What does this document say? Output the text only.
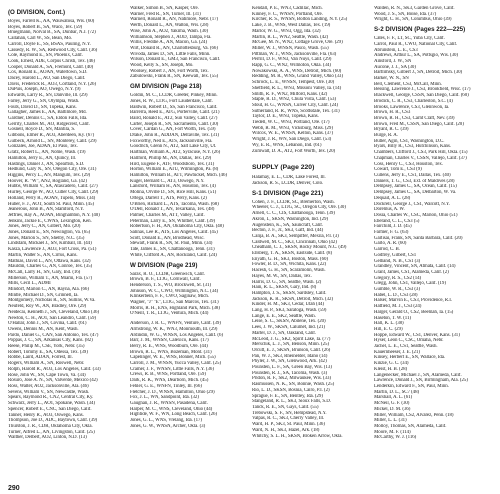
(O DIVISION, Cont.)
Boyes, Farrell K., AA, Wauwatosa, Wis. (60)
Boyes, Robert B., SA, Waco, Tex. (59)
Bruegmann, Norval B., SA, Dunbar, N.J. (72)
Callahan, Carl W., SS, Bean, Mo.
Carroll, Doyle E., SS, BSAS, Pauling, N.Y.
Cassedy, R. W., SA, Redwood City, Calif. (36)
Cole, Raymond E., SN, Phoenix, Calif.
Cook, Ernest, ADE, Corpus Christi, Tex. (46)
Cooper, Donald A., SA, Fremont, Calif. (40)
Cox, Ronald E., AOAN, Watertown, S.D.
Dacey, Harold L., AO, San Diego, Calif.
Davis, Frederick R., AO3, Cortland, N.Y. (26)
DuPuis, Joseph, AO, Owego, N.Y. (9)
Edwards, Larry R., SN, Danville, Ill. (29)
Farley, Jerry G., SN, Olympia, Wash.
Fouts, David D., SN, Topeka, Kans.
Gallagher, James E., AA, Baltimore, Md.
Gardner, Dennis C., SA, Eldon Falls, Ida.
Gerrity, Charles M., AO, Ridgecrest, Calif.
Gosnell, Royce D., SN, Mantila, S.
Gibbons, Elmer R., AO3, Aberdeen, Ky. (67)
Gulbeck, Arnold L., SN, Monterey, Calif. (29)
Gonzales, Joe, ADAN, El Paso, Tex.
Gratz, Robert L., AN, Nome, Wash. (19)
Hamilton, Jerry E., AN, Quincy, Ill.
Hastings, Daniel J., AN, Spearfish, S.D.
Hedlund, Gary N., SN, Oregon City, Ore. (31)
Higgins, Percy L., AN, Mangum, Tex. (29)
Hoover, R. "W", AN2, Rogland, Ga. (42)
Hubbs, William V., SA, Atascadero, Calif. (27)
Hurley, George W., AO, Cutler City, Calif. (29)
Holland, Perry R., AOAN, Tupelo, Miss. (34)
Huber, F. J., AOT, South St. Paul, Minn. (45)
Jeanerous, John B., AN, Stamford, N.Y.
Jeffries, Ray A., AOAN, Binghamton, N.Y. (40)
Jenkins, Jackie E., CWNS, Lexington, Ken.
Jones, Jerry C., AN, Gilbert, Mo. (20)
Jones, Donald E., SN, Newington, Va. (65)
Jones, Marion S., SN, Shelby, N.C. (35)
Lindstam, Mickael J., SN, Kimball, Ill. (44)
Kasza, Lawrence J., AO3, Fort Cross, Pa. (51)
Martin, Walter S., AN, Cirrus, Kans.
Mathias, David L., AN, Ottawa, Kans. (32)
Mauldin, Charles G., AN, Conroe, Tex. (35)
McCall, Larry H., SN, Gary, Ind. (16)
Millerson, William T., AN, Miami, Fla. (57)
Mills, Cecil L., ADMI
Mindorf, Marion C., AN, Rayna, Ala. (66)
Mintle, Michael D., SN, Grinnell, Ia.
Montgomery, Nicholas R., SN, Sullins, W.Va.
Neufeld, Roy W., AN, Bradley, Ore. (29)
Neidecai, Kenneth J., SN, Cleveland, Ohio (36)
Newton, C. H., AO1, San Leandro, Calif. (59)
O'Hallar, John J., SN, Covina, Calif. (61)
Owens, Dennis M., AN, Kent, Wash.
Pardo, Daniel G., CAN, San Antonio, Tex. (47)
Poppas, J. C., SN, Arkansas City, Kans. (82)
Reese, Philip M., CSE, York, Nebr. (35)
Robert, Tommy E., SA, Odessa, Tex. (39)
Robbe, Laird, ADAN, Forrest, Ill.
Rogers, William A., SN, Roswell, Nebr.
Rolph, Harold R., AO3, Los Angeles, Calif. (33)
Rose, John W., SN, Cape Town, Va. (34)
Rosuro, Jose A. N., SN, Valverde, Mexico (42)
Ross, Walter, AO2, Jacksonville, Ala. (46)
Sevens, William V., SN, Newcastle, Wash.
Spears, Raymond R., CN2, Central City, Ky.
Schwarz, Jerry L., AO1, Spokane, Wash. (34)
Spencer, Robert E., CNC, San Diego, Calif.
Tanner, Henry R., AO3, Oswego, Kans.
Thompson, Joe D., ADC, Baytown, Calif. (39)
Thurston, J. R., CDR, Oklahoma City, Okla.
Turner, Alfred L., AN, Livingston, Calif. (25)
Walther, Delbert, AO2, Linton, N.D. (13)
Walker, Simon B., SN, Kasper, Ore.
Warner, Fred R., SN, Turner, Ill. (31)
Warnell, Ronald R., AN, Natimore, Nebr. (17)
Werth, Donald L., AN, Walton, Wis. (28)
Wise, John A., AO2, Yakima, Wash. (30)
Williamson, Stephen J., AOD, Tampa, Fla.
Willis, Freddie A., AN, Macon, Ga. (24)
Wirt, Donald R., AN, Charlottesburg, Va. (66)
Wivoda, James D., SN, Little Falls, Minn.
Wilson, Donald E., GM3, San Francisco, Calif.
Wood, Kelly S., SN, Joseph, Mo.
Woolsey, Robert J., AN, Fort Worth, Tex.
Zabulowski, Frank R., SN, Keewall, Tex. (55)
GM DIVISION (Page 218)
Goldin, M. C., LCDR, Greeter, Pinkey, Minn.
Jones, R. W., LTJG, Fort Lauderdale, Calif.
Baldwin, Robert D., SS, San Francisco, Calif.
Barrerra, Reed E., ATG, Porterville, Calif. (21)
Baird, Ronald E., AT2, Sun Valley, Calif. (27)
Carter, Joseph R., SN, Sacramento, Calif. (30)
Cover, Cardan G., AN, Fort Worth, Tex. (59)
Drake, John R., ADDAN, Deltaville, Tex. (31)
Foxworthy, Ned E., ATS, Jacksonville, Fla.
Goodrich, Glenn N., AT2, Salt Lake City, Ut.
Hartman, William A., AT2, Syracuse, N.Y. (26)
Hallford, Phillip M., AN, Dallas, Tex. (29)
Hird, Eugene F., ATF, Woodsboro, Tex. (31)
Horton, William E., ATU, Wilmington, Pa. (8)
Hamilton, William B., ATT, Pawtucket, Mich. (46)
Kugel, Bernard C., AT3, Oswego, N.Y.
Lansford, William H., AN, Houston, Tex. (4)
Molina, Orville D., SN, Rice Hill, Kans. (51)
Ortega, Darrell T., ATS, Perry, Kans. (2)
O'Brien, Richard L., ATS, Tacoma, Wash. (68)
O'Dell, Ronald T., AN, Texarkana, Tex. (48)
Palmer, Charles M., ATT, Valley, Calif.
Peterman, Larry E., SN, Whittier, Calif. (39)
Robertson, F. H., AN, Oklahoma City, Okla. (48)
Salinas, Lee R., ATS, Los Angeles, Calif. (45)
Scott, Donald E., AN, Brodhead, Wisc.
Stewart, Frank R., SN, St. Paul, Minn. (34)
Tate, James E., SN, Chattanooga, Tenn. (31)
White, Clifford A., AN, Rockland, Calif. (24)
W DIVISION (Page 219)
Sarax, R. O., LCDR, Greenwich, Calif.
Brown, B. F., LTJG, Cornwall, Calif.
Henderson, T. S., WO, Brockwell, St. (31)
Johnson, W. C., CWO, Wilmington, N.C. (34)
Klinkerbein, F. F., CWO, Saginaw, Mich.
Wagner, "J" "E", LTJG, San Marcos, Tex. (31)
Morris, R. H., ENS, Highland Park, Mich. (38)
O'Neill, T. R., LTJG, Ventura, Mich. (44)
Anderson, J. R. C., WNFN, Venture, Calif. (39)
Armstrong, W. K., WN3, Monmouth, Ill. (29)
Ardindin, W. G., WNSN, Los Angeles, Calif. (6)
Barr, J. M., WNSN, Calexico, Kans. (17)
Berry, R. E., WNS, Woodburn, Ore. (44)
Brown, R. L., WNS, Bozeman, Mont. (31)
Capelinger, W. E., WNS, Bonner, Mich. (55)
Carroll, J. M., WNSN, Yucca Valley, Calif. (25)
Cramer, J. F., WNSN, Little Falls, N.Y. (36)
Crews, R. B., WNS, Portland, Ore. (59)
Dark, R. K., WNS, Dearborn, Mich. (45)
Fehler, G. E., WNFN, Tinley, Ill. (66)
Fletcher, J. D., WNSN, Hamilton, Ohio (29)
Fox, J. L., WN, Sandpoint, Ida. (32)
Gaughan, J. R., WNSN, Pasadena, Calif.
Harper, M. C., WNS, Cleveland, Ohio (44)
Hightide, W. F., WN, Long Beach, Calif. (26)
Jones, G. L., WNS, Vrelang, Ida. (17)
Jones, G. W., WNSN, Archer, Okla. (3)
Kendall, P. E., WN3, Cadillac, Mich.
Kinney, F. C., WNSN, Portland, Ore.
Kircher, R. S., WNSN, Bolton Landing, N.Y. (25)
Lake, J. B., WNS, West Dallas, Tex. (19)
Marlor, W. G., WN3, Ogg, Ida. (32)
Martin, R. L., WN2, Seattle, Wash. (42)
McGee, M. N., WN2, Cottage Grove, Ore. (29)
Miller, W. J., WNSN, Pasco, Wash. (55)
Pittman, W. J., WNS, Jacksonville, Fla. (63)
Perrill, D. F., WN3, Van Nuys, Calif. (29)
Rapp, G. C., WN2, Wilmoton, Okla. (34)
Nowakowski, A. A., WNS, Detroit, Mich. (60)
Redding, M. R., WNS, Grand Valley, Ohio (33)
Schrock, L. E., WNSN, Tempest, Ore. (30)
Sheffield, R. L., WN3, Missoni Valley, Ia. (14)
Smith, R. F., WN2, Milford, Kans. (42)
Staple, R. D., WN2, Chula Vista, Calif. (53)
Stout, H. G., WNSN, Culver City, Calif. (24)
Sutherland, R. R., WNS, Scottsdale, Tex. (31)
Taylor, D. E., WN3, Topeka, Kans.
Tiedell, W. C., WN3, Portland, Ore. (17)
Webb, R. M., WN3, Vicksburg, Miss. (29)
Wilcox, W. E., WNSN, Kelton, Kans. (37)
Wright, J. R., WN, San Diego, Calif. (53)
Wy, E. R., WNS, Lebanon, Ind. (61)
Zumwalt, D. A., AT2, Fort Worth, Tex. (20)
SUPPLY (Page 220)
Halamay, E. L., CDR, Lake Forest, Ill.
Jackson, R. S., LCDR, Denver, Colo.
S-1 DIVISION (Page 221)
Cohen, J. F., LCDR, SC, Bremerton, Wash.
Wheeler, C. J., LTJG, SC, Oregon City, Ore. (30)
Arnell, C. C., CIS, Chattanooga, Tenn. (39)
Akron, I., SKSN, Washington, Ind. (29)
Augenstein, K., SA, Sauncraft, Calif.
Becton, J. F., Jr., SK3, Gaff, Ind. (44)
Calija, B. A., SK3, Sempiffer, Mexila, P.I. (3)
Caldwell, M. C., SK3, Cincinnati, Ohio (42)
Cheatham, C. J., SKSN, Rocky Mount, N.C. (49)
Ellsberg, T. A., SKSN, Eastside, Calif. (8)
Enyath, G. H., SK3, Boston, Mass. (60)
Fowler, B. D., SN, Wichita, Kans. (22)
Hacesh, G. H., SN, Scaramolin, Wash.
Hayes, M. W., SN, Dallas, Tex.
Harris, D. G., SN, Seattle, Wash. (2)
Hain, R. L., SKSN, Gary, Ind. (8)
Hampton, J. S., SKSN, Sardsley, Calif.
Jackson, K. R., SKSN, Detroit, Mich. (32)
Kinder, H. M., SK3, Cedar, Utah (44)
Lang, H. P., SK3, Saratoga, Wash. (59)
Lange, E. E., SK2, Seattle, Wash.
Leise, S. C., SKSN, Abilene, Tex. (20)
Lees, J. W., SKSN, Calumet, Ind. (21)
Martel, D. J., SN, Oakland, Calif.
McLeod, J. G., SK2, Spirit Lake, Ia. (77)
Merschik, L. J., SN, Benson, Minn. (25)
Orcutt, E. J., SKSN, Brunson, Calif. (26)
Pan, W. J., SK3, Rheinelder, Idaho (14)
Phyler, J. W., SN, Glenwood, Ark. (42)
Pounsten, L. F., SA, Green Bay, Wis. (13)
Pounsten, R. J., SA, Tacoma, Wash. (3)
Pridon, R. F., SK2, Milwaukee, Wis. (33)
Rasmussen, N. K., SN, Bonnie, Wash. (25)
Rio, L. D., SKSN, Bosnia, Cairo, P.I. (2)
Sprague, F. E., SN, Bentley, Ida. (29)
Stangeland, R. L., SK3, Sioux Falls, S.D.
Tanck, R. E., SN, Gays, Calif. (55)
Trebowski, S. F., SN, Hempstead, N.Y.
Valpas, R. C., SK3, Cherry Valley, Ill.
Ward, H. P., SK3, St. Paul, Minn. (36)
Ward, N. H., SK3, Hazel, Ark. (18)
Whitchy, S. L. H., SKSN, Broken Arrow, Okla.
Walden, R. N., SK3, Garden Grove, Calif.
Wood, J. S., SN, Boise, Ida. (37)
Wright, C. H., SN, Columbus, Ohio (39)
S-2 DIVISION (Pages 222—225)
Cates, F. F., LT, SC, Yuba City, Calif.
Carrol, Paul R., CWO, National City, Calif.
Abrunstein, L. E., CS3
Andrews, Arthur L., SA, Pottsgio, Wis. (30)
Ainsford, J. W., SN
Aucone, J. J., SA (30)
Bartlimsky, Gilbert J., SN, Detroit, Mich. (30)
Barker, W. N., SN
Bell, Clement, CS3, McCall, Minn.
Bessing, Lawrence J., CS3, Brookfield, Wisc. (17)
Blackwell, George, CSSN, San Diego, Calif. (60)
Brodick, C. R., CS3, Charleston, S.C. (4)
Brooks, Lawrence, CS3, Glennwon, Ia.
Brown, H. R., CS3
Brown, R. H., CS3, Carnt Craft, Nev. (39)
Brown, Fred M., CSSN, San Diego, Calif. (20)
Bryant, R. C. (39)
Burge, R. A.
Butler, Agin, CS1, Washington, D.C.
Byars, Billy R., CS3, Hutchinson, Kans.
Chambers, Clifford J., CS3, Park Hill, Okla. (15)
Chapman, Charles V., CSSN, Vallejo, Calif. (37)
Coss, Henry C., CS3, Houston, Tex.
Cowart, Tom E., CS3 (9)
Cullens, Jerry E., CS1, Dallas, Tex. (40)
Daniels, T. G., CS3, Ext. of Maldives (28)
Dempsey, James C., SA, Ocean, Calif. (15)
Dempsey, James C., SA, Delbarton, W. Va.
Dequait, A. L. (28)
Dockrell, George J., CS1, Walcott, N.Y.
Doremus, A. W.
Dosia, Charles W., CSC, Marion, Ohio (51)
Eberand, C. L., CS3 (5)
Fairchild, J. D. (45)
Farmer, F. G. (63)
Garlisai, Frank, SN, Santa Barbara, Calif. (20)
Garlo, A. R. (60)
Garrod, C. B.
Godfrey, Gilbert, CS1
Gelband, N. B., CS1 (3)
Grandley, Vincent, SN, Atmata, Calif. (14)
Grant, James, CS1, Alameda, Calif. (2)
Gregory, R. S., CS2 (14)
Gregg, John, CS1, Vallejo, Calif. (19)
Gumble, W. R., CS3 (3)
Habel, L. D., CS3 (28)
Halser, Marvin E., CS3, Providence, R.I.
Hatfield, M. J., CS3 (24)
Harger, Gerald O., CS2, Beemah, Ia. (15)
Haseton, T. W. (11)
Hall, K. L. (38)
Hill, E. C. (29)
Hoppe, Edward W., CS1, Denver, Kans. (31)
Hyser, Leon C., CSC, Omaha, Nebr.
Jachel, L. E., CS1, Seattle, Wash.
Kauernheeser, J. E. (21)
Kinsey, Herbert E., SN, Wallace, Ida.
Kinzie, G. C. (34)
Kleist, H. B. (28)
Langenecker, Michael J., SN, Alameda, Calif.
Lawrence, Donald J., SN, Birmingham, Ala. (25)
Lenderkin, Edward F., SN, Paul, Minn.
Martin, D. L., SC7 (48)
Marshall, A. L. (61)
McNeil, G. F. (30)
Mickel, D. M. (36)
Miller, William, CS2, Alvarez, Penn. (18)
Miller, L. L. (31)
Molloy, Thomas, SN, Alameda, Calif.
Moore, M. F. (114)
McCarthy, W. J. (116)
290
